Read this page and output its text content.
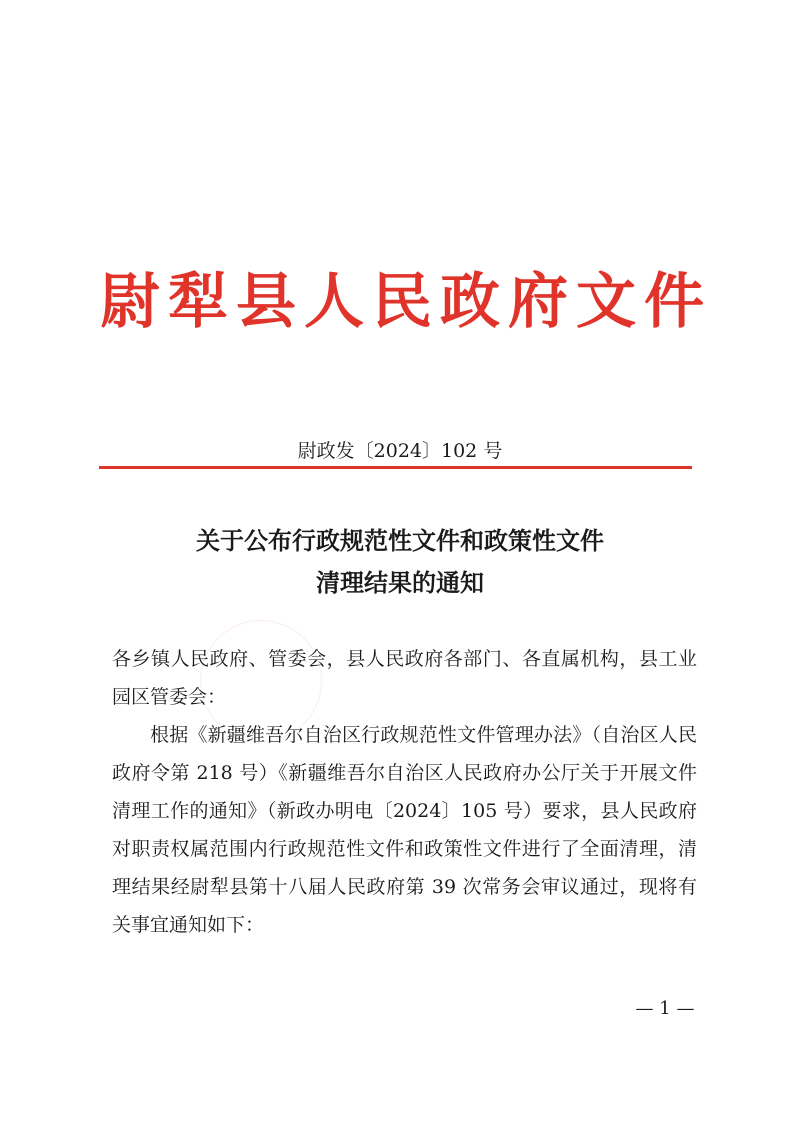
尉犁县人民政府文件
尉政发〔2024〕102 号
关于公布行政规范性文件和政策性文件
清理结果的通知

各乡镇人民政府、管委会，县人民政府各部门、各直属机构，县工业园区管委会：

根据《新疆维吾尔自治区行政规范性文件管理办法》（自治区人民政府令第 218 号）《新疆维吾尔自治区人民政府办公厅关于开展文件清理工作的通知》（新政办明电〔2024〕105 号）要求，县人民政府对职责权属范围内行政规范性文件和政策性文件进行了全面清理，清理结果经尉犁县第十八届人民政府第 39 次常务会审议通过，现将有关事宜通知如下：

— 1 —
